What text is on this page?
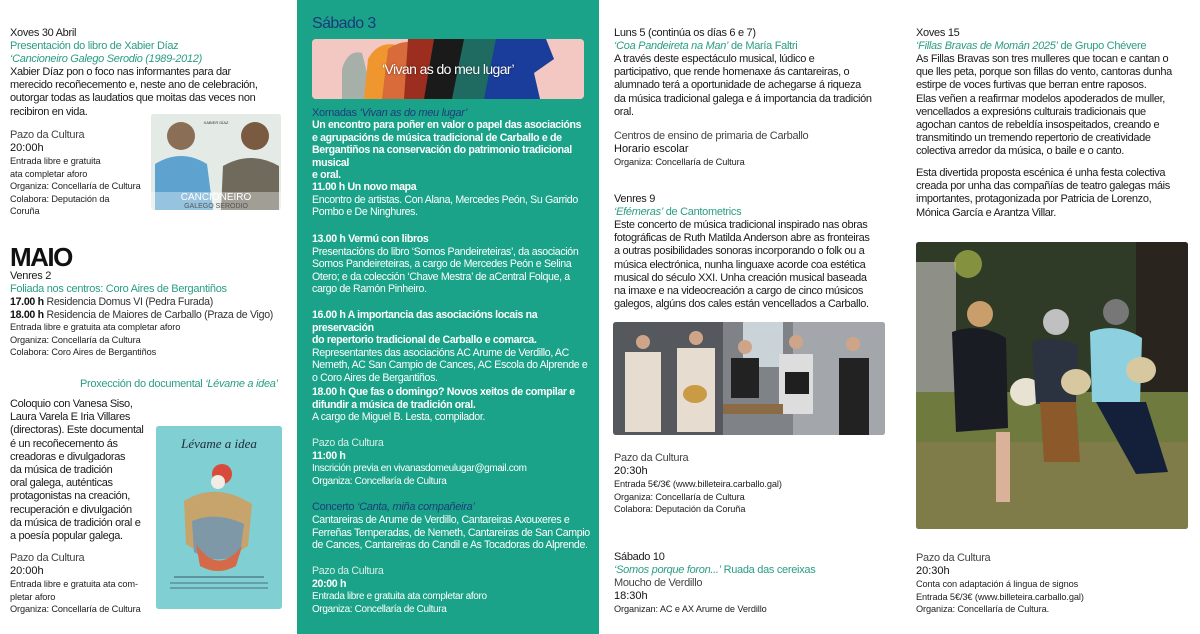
Xoves 30 Abril
Presentación do libro de Xabier Díaz
‘Cancioneiro Galego Serodio (1989-2012)
Xabier Díaz pon o foco nas informantes para dar
merecido recoñecemento e, neste ano de celebración,
outorgar todas as laudatios que moitas das veces non
recibiron en vida.
Pazo da Cultura
20:00h
Entrada libre e gratuita
ata completar aforo
Organiza: Concellaría de Cultura
Colabora: Deputación da
Coruña
XABIER DÍAZ
CANCIONEIRO
GALEGO SERODIO
MAIO
Venres 2
Foliada nos centros: Coro Aires de Bergantiños
17.00 h Residencia Domus VI (Pedra Furada)
18.00 h Residencia de Maiores de Carballo (Praza de Vigo)
Entrada libre e gratuita ata completar aforo
Organiza: Concellaría da Cultura
Colabora: Coro Aires de Bergantiños
Proxección do documental ‘Lévame a idea’
Coloquio con Vanesa Siso,
Laura Varela E Iria Villares
(directoras). Este documental
é un recoñecemento ás
creadoras e divulgadoras
da música de tradición
oral galega, auténticas
protagonistas na creación,
recuperación e divulgación
da música de tradición oral e
a poesía popular galega.
Pazo da Cultura
20:00h
Entrada libre e gratuita ata com-
pletar aforo
Organiza: Concellaría de Cultura
Lévame a idea
Sábado 3
‘Vivan as do meu lugar’
Xornadas ‘Vivan as do meu lugar’
Un encontro para poñer en valor o papel das asociacións
e agrupacións de música tradicional de Carballo e de
Bergantiños na conservación do patrimonio tradicional musical
e oral.
11.00 h Un novo mapa
Encontro de artistas. Con Alana, Mercedes Peón, Su Garrido
Pombo e De Ninghures.
13.00 h Vermú con libros
Presentacións do libro ‘Somos Pandeireteiras’, da asociación
Somos Pandeireteiras, a cargo de Mercedes Peón e Selina
Otero; e da colección ‘Chave Mestra’ de aCentral Folque, a
cargo de Ramón Pinheiro.
16.00 h A importancia das asociacións locais na preservación
do repertorio tradicional de Carballo e comarca.
Representantes das asociacións AC Arume de Verdillo, AC
Nemeth, AC San Campio de Cances, AC Escola do Alprende e
o Coro Aires de Bergantiños.
18.00 h Que fas o domingo? Novos xeitos de compilar e
difundir a música de tradición oral.
A cargo de Miguel B. Lesta, compilador.
Pazo da Cultura
11:00 h
Inscrición previa en vivanasdomeulugar@gmail.com
Organiza: Concellaría de Cultura
Concerto ‘Canta, miña compañeira’
Cantareiras de Arume de Verdillo, Cantareiras Axouxeres e
Ferreñas Temperadas, de Nemeth, Cantareiras de San Campio
de Cances, Cantareiras do Candil e As Tocadoras do Alprende.
Pazo da Cultura
20:00 h
Entrada libre e gratuita ata completar aforo
Organiza: Concellaría de Cultura
Luns 5 (continúa os días 6 e 7)
‘Coa Pandeireta na Man’ de María Faltri
A través deste espectáculo musical, lúdico e
participativo, que rende homenaxe ás cantareiras, o
alumnado terá a oportunidade de achegarse á riqueza
da música tradicional galega e á importancia da tradición
oral.
Centros de ensino de primaria de Carballo
Horario escolar
Organiza: Concellaría de Cultura
Venres 9
‘Efémeras’ de Cantometrics
Este concerto de música tradicional inspirado nas obras
fotográficas de Ruth Matilda Anderson abre as fronteiras
a outras posibilidades sonoras incorporando o folk ou a
música electrónica, nunha linguaxe acorde coa estética
musical do século XXI. Unha creación musical baseada
na imaxe e na videocreación a cargo de cinco músicos
galegos, algúns dos cales están vencellados a Carballo.
Pazo da Cultura
20:30h
Entrada 5€/3€ (www.billeteira.carballo.gal)
Organiza: Concellaría de Cultura
Colabora: Deputación da Coruña
Sábado 10
‘Somos porque foron...’ Ruada das cereixas
Moucho de Verdillo
18:30h
Organizan: AC e AX Arume de Verdillo
Xoves 15
‘Fillas Bravas de Momán 2025’ de Grupo Chévere
As Fillas Bravas son tres mulleres que tocan e cantan o
que lles peta, porque son fillas do vento, cantoras dunha
estirpe de voces furtivas que berran entre raposos.
Elas veñen a reafirmar modelos apoderados de muller,
vencellados a expresións culturais tradicionais que
agochan cantos de rebeldía insospeitados, creando e
transmitindo un tremendo repertorio de creatividade
colectiva arredor da música, o baile e o canto.
Esta divertida proposta escénica é unha festa colectiva
creada por unha das compañías de teatro galegas máis
importantes, protagonizada por Patricia de Lorenzo,
Mónica García e Arantza Villar.
Pazo da Cultura
20:30h
Conta con adaptación á lingua de signos
Entrada 5€/3€ (www.billeteira.carballo.gal)
Organiza: Concellaría de Cultura.
